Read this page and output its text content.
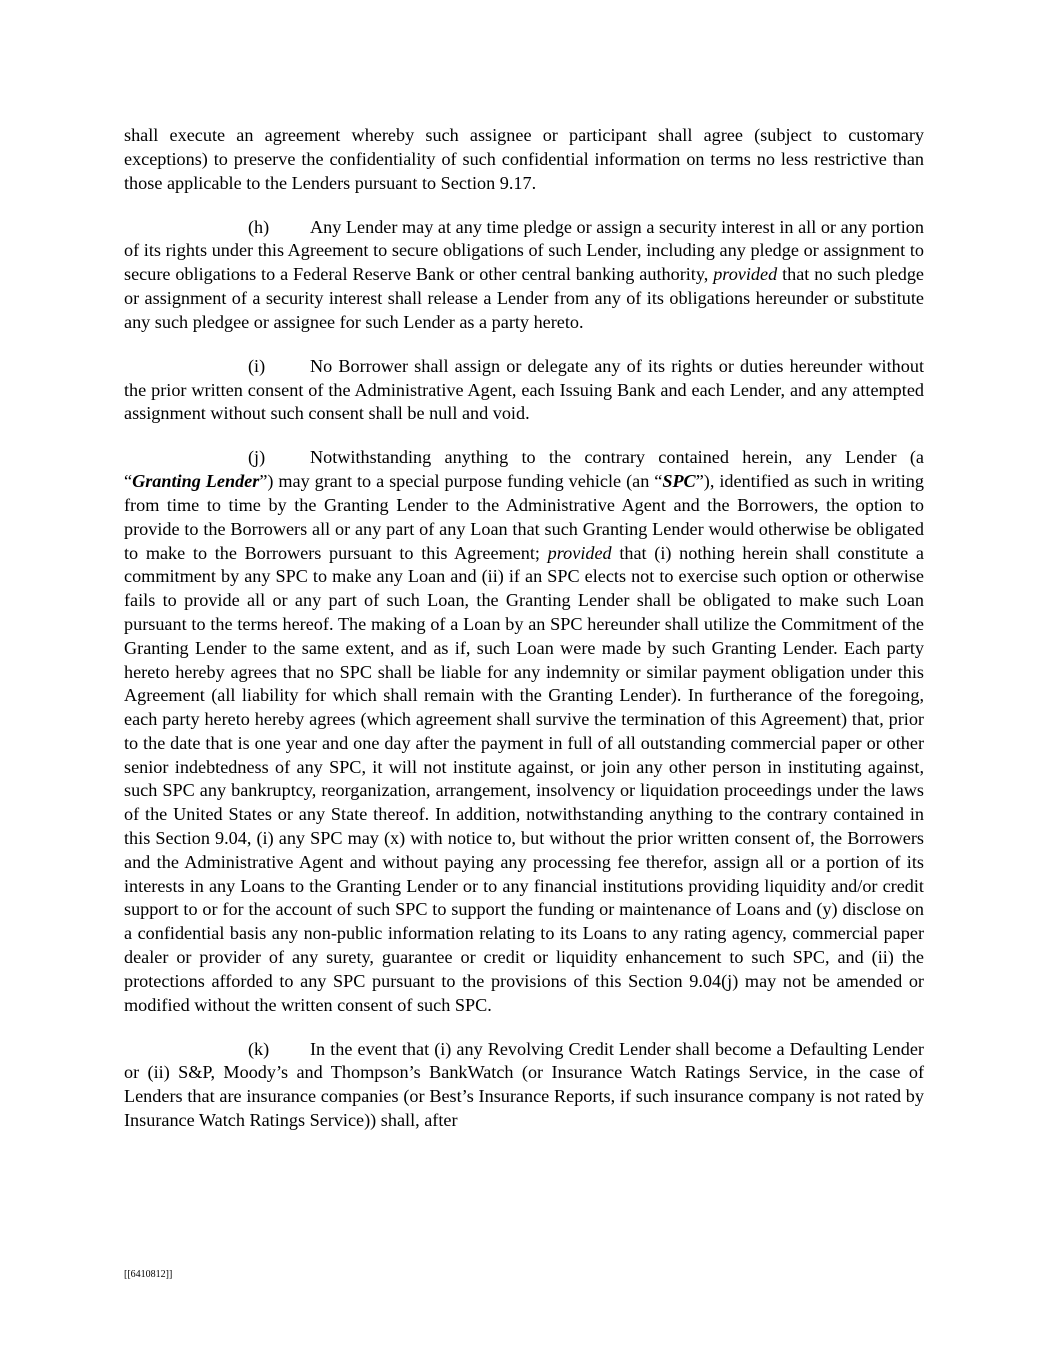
shall execute an agreement whereby such assignee or participant shall agree (subject to customary exceptions) to preserve the confidentiality of such confidential information on terms no less restrictive than those applicable to the Lenders pursuant to Section 9.17.

(h) Any Lender may at any time pledge or assign a security interest in all or any portion of its rights under this Agreement to secure obligations of such Lender, including any pledge or assignment to secure obligations to a Federal Reserve Bank or other central banking authority, provided that no such pledge or assignment of a security interest shall release a Lender from any of its obligations hereunder or substitute any such pledgee or assignee for such Lender as a party hereto.

(i) No Borrower shall assign or delegate any of its rights or duties hereunder without the prior written consent of the Administrative Agent, each Issuing Bank and each Lender, and any attempted assignment without such consent shall be null and void.

(j) Notwithstanding anything to the contrary contained herein, any Lender (a “Granting Lender”) may grant to a special purpose funding vehicle (an “SPC”), identified as such in writing from time to time by the Granting Lender to the Administrative Agent and the Borrowers, the option to provide to the Borrowers all or any part of any Loan that such Granting Lender would otherwise be obligated to make to the Borrowers pursuant to this Agreement; provided that (i) nothing herein shall constitute a commitment by any SPC to make any Loan and (ii) if an SPC elects not to exercise such option or otherwise fails to provide all or any part of such Loan, the Granting Lender shall be obligated to make such Loan pursuant to the terms hereof. The making of a Loan by an SPC hereunder shall utilize the Commitment of the Granting Lender to the same extent, and as if, such Loan were made by such Granting Lender. Each party hereto hereby agrees that no SPC shall be liable for any indemnity or similar payment obligation under this Agreement (all liability for which shall remain with the Granting Lender). In furtherance of the foregoing, each party hereto hereby agrees (which agreement shall survive the termination of this Agreement) that, prior to the date that is one year and one day after the payment in full of all outstanding commercial paper or other senior indebtedness of any SPC, it will not institute against, or join any other person in instituting against, such SPC any bankruptcy, reorganization, arrangement, insolvency or liquidation proceedings under the laws of the United States or any State thereof. In addition, notwithstanding anything to the contrary contained in this Section 9.04, (i) any SPC may (x) with notice to, but without the prior written consent of, the Borrowers and the Administrative Agent and without paying any processing fee therefor, assign all or a portion of its interests in any Loans to the Granting Lender or to any financial institutions providing liquidity and/or credit support to or for the account of such SPC to support the funding or maintenance of Loans and (y) disclose on a confidential basis any non-public information relating to its Loans to any rating agency, commercial paper dealer or provider of any surety, guarantee or credit or liquidity enhancement to such SPC, and (ii) the protections afforded to any SPC pursuant to the provisions of this Section 9.04(j) may not be amended or modified without the written consent of such SPC.

(k) In the event that (i) any Revolving Credit Lender shall become a Defaulting Lender or (ii) S&P, Moody’s and Thompson’s BankWatch (or Insurance Watch Ratings Service, in the case of Lenders that are insurance companies (or Best’s Insurance Reports, if such insurance company is not rated by Insurance Watch Ratings Service)) shall, after

[[6410812]]
